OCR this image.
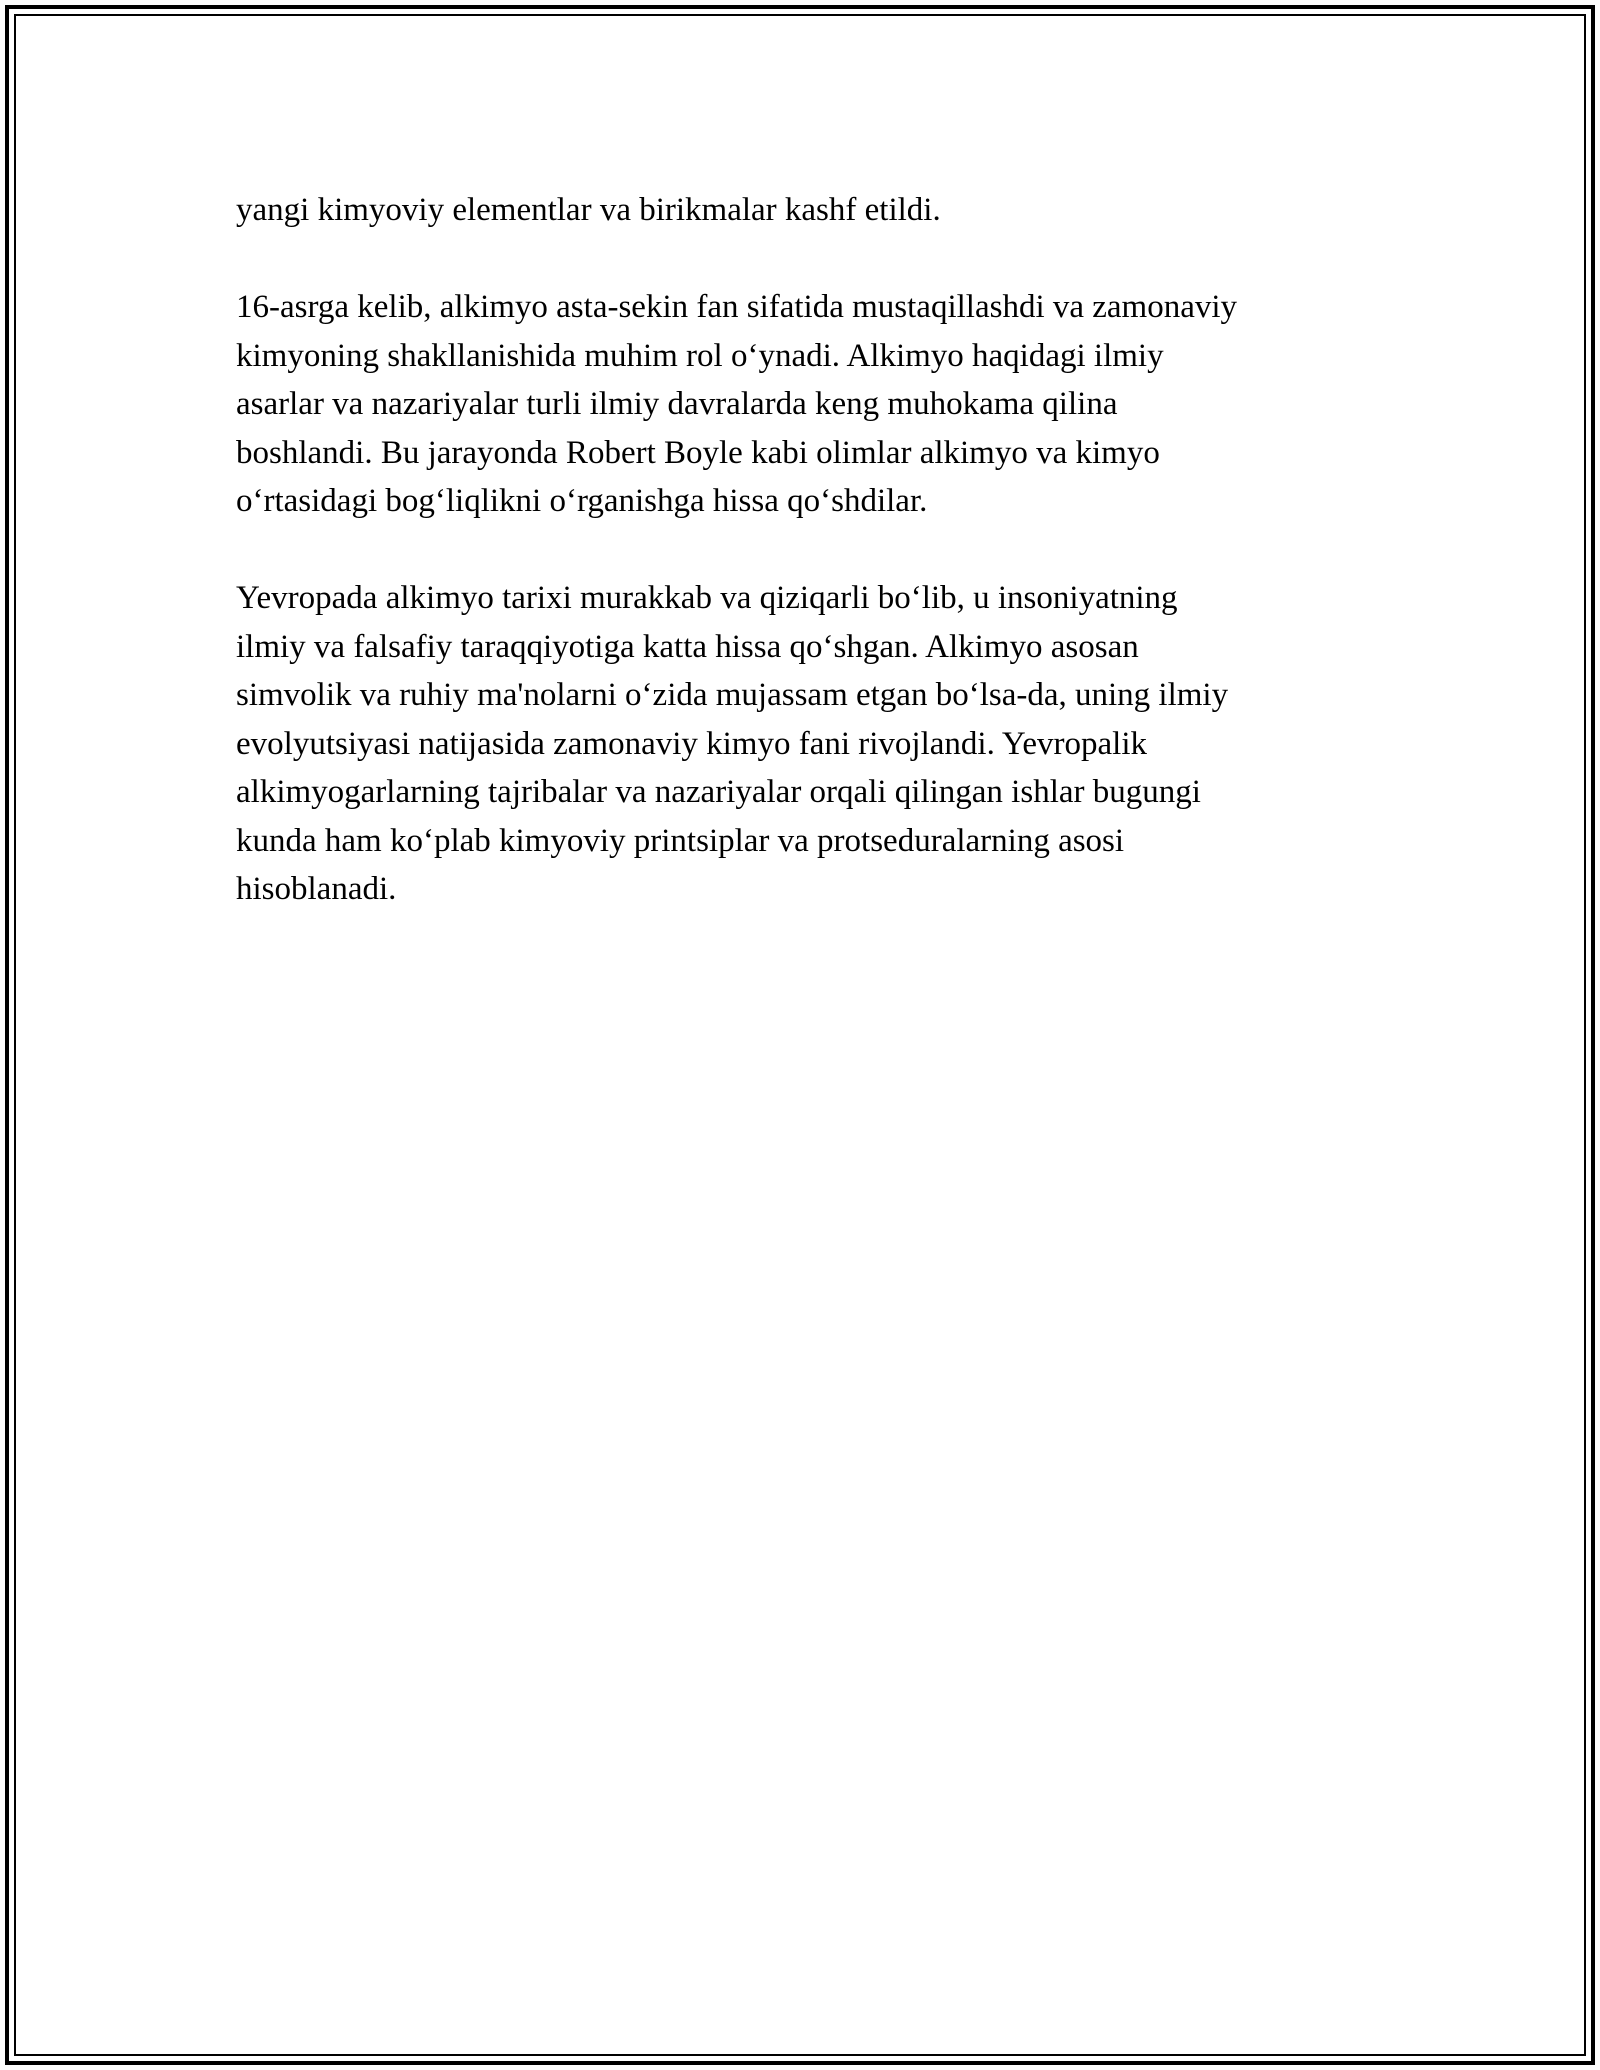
yangi kimyoviy elementlar va birikmalar kashf etildi.

16-asrga kelib, alkimyo asta-sekin fan sifatida mustaqillashdi va zamonaviy
kimyoning shakllanishida muhim rol o‘ynadi. Alkimyo haqidagi ilmiy
asarlar va nazariyalar turli ilmiy davralarda keng muhokama qilina
boshlandi. Bu jarayonda Robert Boyle kabi olimlar alkimyo va kimyo
o‘rtasidagi bog‘liqlikni o‘rganishga hissa qo‘shdilar.

Yevropada alkimyo tarixi murakkab va qiziqarli bo‘lib, u insoniyatning
ilmiy va falsafiy taraqqiyotiga katta hissa qo‘shgan. Alkimyo asosan
simvolik va ruhiy ma'nolarni o‘zida mujassam etgan bo‘lsa-da, uning ilmiy
evolyutsiyasi natijasida zamonaviy kimyo fani rivojlandi. Yevropalik
alkimyogarlarning tajribalar va nazariyalar orqali qilingan ishlar bugungi
kunda ham ko‘plab kimyoviy printsiplar va protseduralarning asosi
hisoblanadi.
